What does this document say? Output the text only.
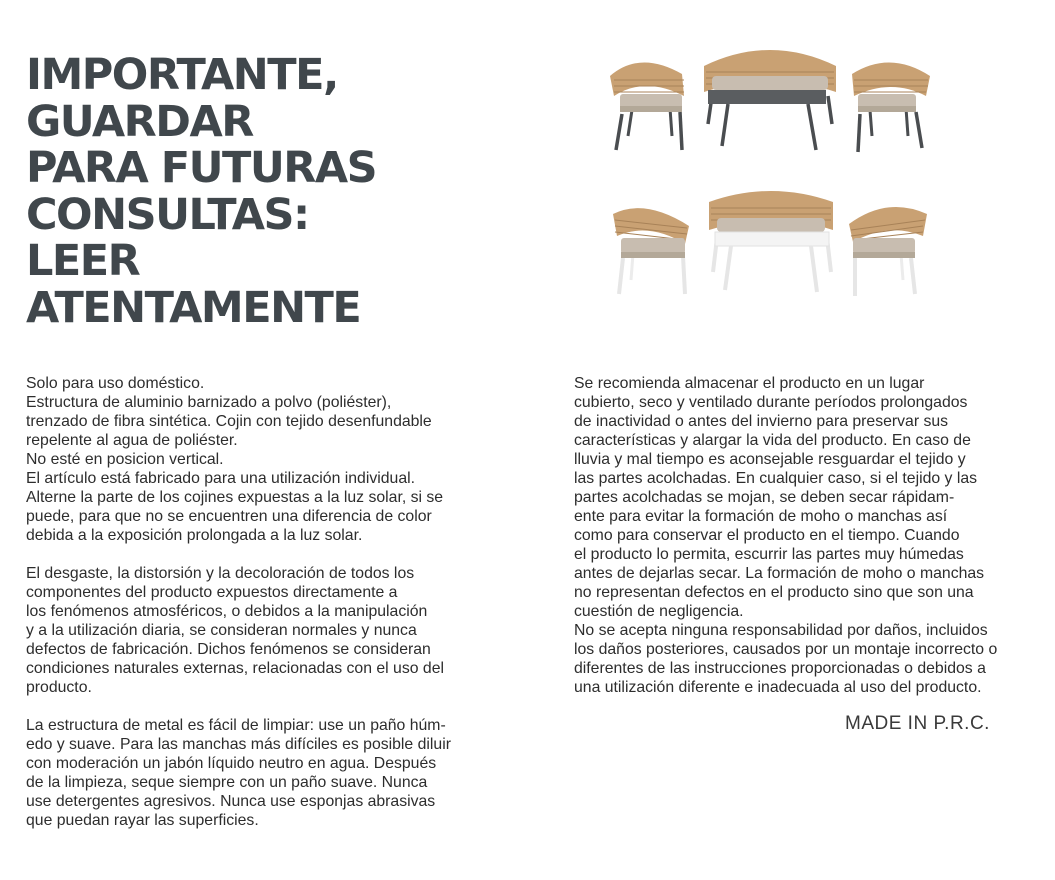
IMPORTANTE,
GUARDAR
PARA FUTURAS
CONSULTAS:
LEER
ATENTAMENTE

Solo para uso doméstico.
Estructura de aluminio barnizado a polvo (poliéster),
trenzado de fibra sintética. Cojin con tejido desenfundable
repelente al agua de poliéster.
No esté en posicion vertical.
El artículo está fabricado para una utilización individual.
Alterne la parte de los cojines expuestas a la luz solar, si se
puede, para que no se encuentren una diferencia de color
debida a la exposición prolongada a la luz solar.

El desgaste, la distorsión y la decoloración de todos los
componentes del producto expuestos directamente a
los fenómenos atmosféricos, o debidos a la manipulación
y a la utilización diaria, se consideran normales y nunca
defectos de fabricación. Dichos fenómenos se consideran
condiciones naturales externas, relacionadas con el uso del
producto.

La estructura de metal es fácil de limpiar: use un paño húm-
edo y suave. Para las manchas más difíciles es posible diluir
con moderación un jabón líquido neutro en agua. Después
de la limpieza, seque siempre con un paño suave. Nunca
use detergentes agresivos. Nunca use esponjas abrasivas
que puedan rayar las superficies.

Se recomienda almacenar el producto en un lugar
cubierto, seco y ventilado durante períodos prolongados
de inactividad o antes del invierno para preservar sus
características y alargar la vida del producto. En caso de
lluvia y mal tiempo es aconsejable resguardar el tejido y
las partes acolchadas. En cualquier caso, si el tejido y las
partes acolchadas se mojan, se deben secar rápidam-
ente para evitar la formación de moho o manchas así
como para conservar el producto en el tiempo. Cuando
el producto lo permita, escurrir las partes muy húmedas
antes de dejarlas secar. La formación de moho o manchas
no representan defectos en el producto sino que son una
cuestión de negligencia.

No se acepta ninguna responsabilidad por daños, incluidos
los daños posteriores, causados por un montaje incorrecto o
diferentes de las instrucciones proporcionadas o debidos a
una utilización diferente e inadecuada al uso del producto.

MADE IN P.R.C.
